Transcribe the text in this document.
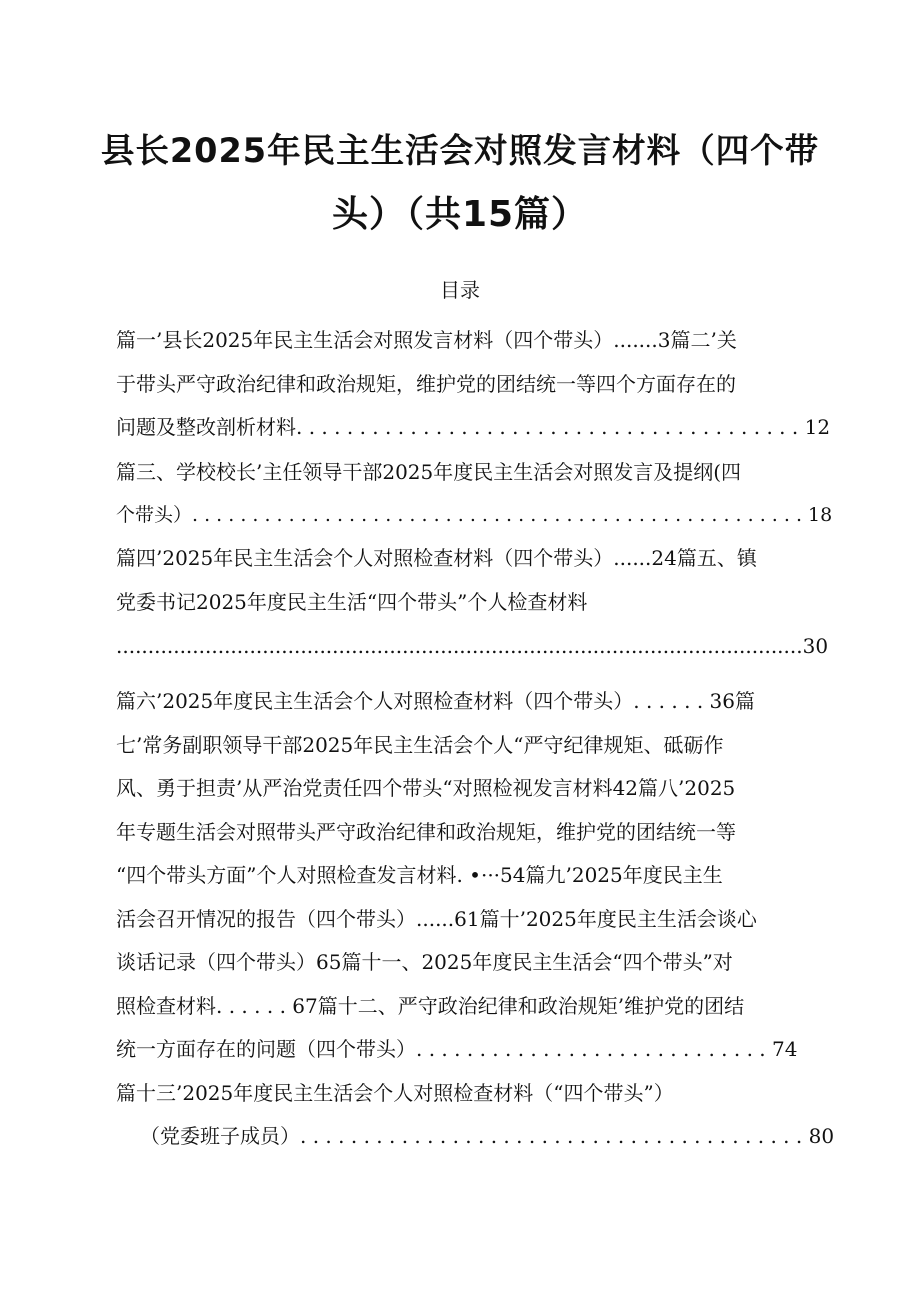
县长2025年民主生活会对照发言材料（四个带
头）（共15篇）
目录
篇一’县长2025年民主生活会对照发言材料（四个带头）.......3篇二’关
于带头严守政治纪律和政治规矩，维护党的团结统一等四个方面存在的
问题及整改剖析材料. . . . . . . . . . . . . . . . . . . . . . . . . . . . . . . . . . . . . . . . 12
篇三、学校校长’主任领导干部2025年度民主生活会对照发言及提纲(四
个带头）. . . . . . . . . . . . . . . . . . . . . . . . . . . . . . . . . . . . . . . . . . . . . . . . . . . 18
篇四’2025年民主生活会个人对照检查材料（四个带头）......24篇五、镇
党委书记2025年度民主生活“四个带头”个人检查材料
............................................................................................................30
篇六’2025年度民主生活会个人对照检查材料（四个带头）. . . . . . 36篇
七’常务副职领导干部2025年民主生活会个人“严守纪律规矩、砥砺作
风、勇于担责’从严治党责任四个带头“对照检视发言材料42篇八’2025
年专题生活会对照带头严守政治纪律和政治规矩，维护党的团结统一等
“四个带头方面”个人对照检查发言材料. •···54篇九’2025年度民主生
活会召开情况的报告（四个带头）......61篇十’2025年度民主生活会谈心
谈话记录（四个带头）65篇十一、2025年度民主生活会“四个带头”对
照检查材料. . . . . . 67篇十二、严守政治纪律和政治规矩’维护党的团结
统一方面存在的问题（四个带头）. . . . . . . . . . . . . . . . . . . . . . . . . . . . 74
篇十三’2025年度民主生活会个人对照检查材料（“四个带头”）
（党委班子成员）. . . . . . . . . . . . . . . . . . . . . . . . . . . . . . . . . . . . . . . . 80
